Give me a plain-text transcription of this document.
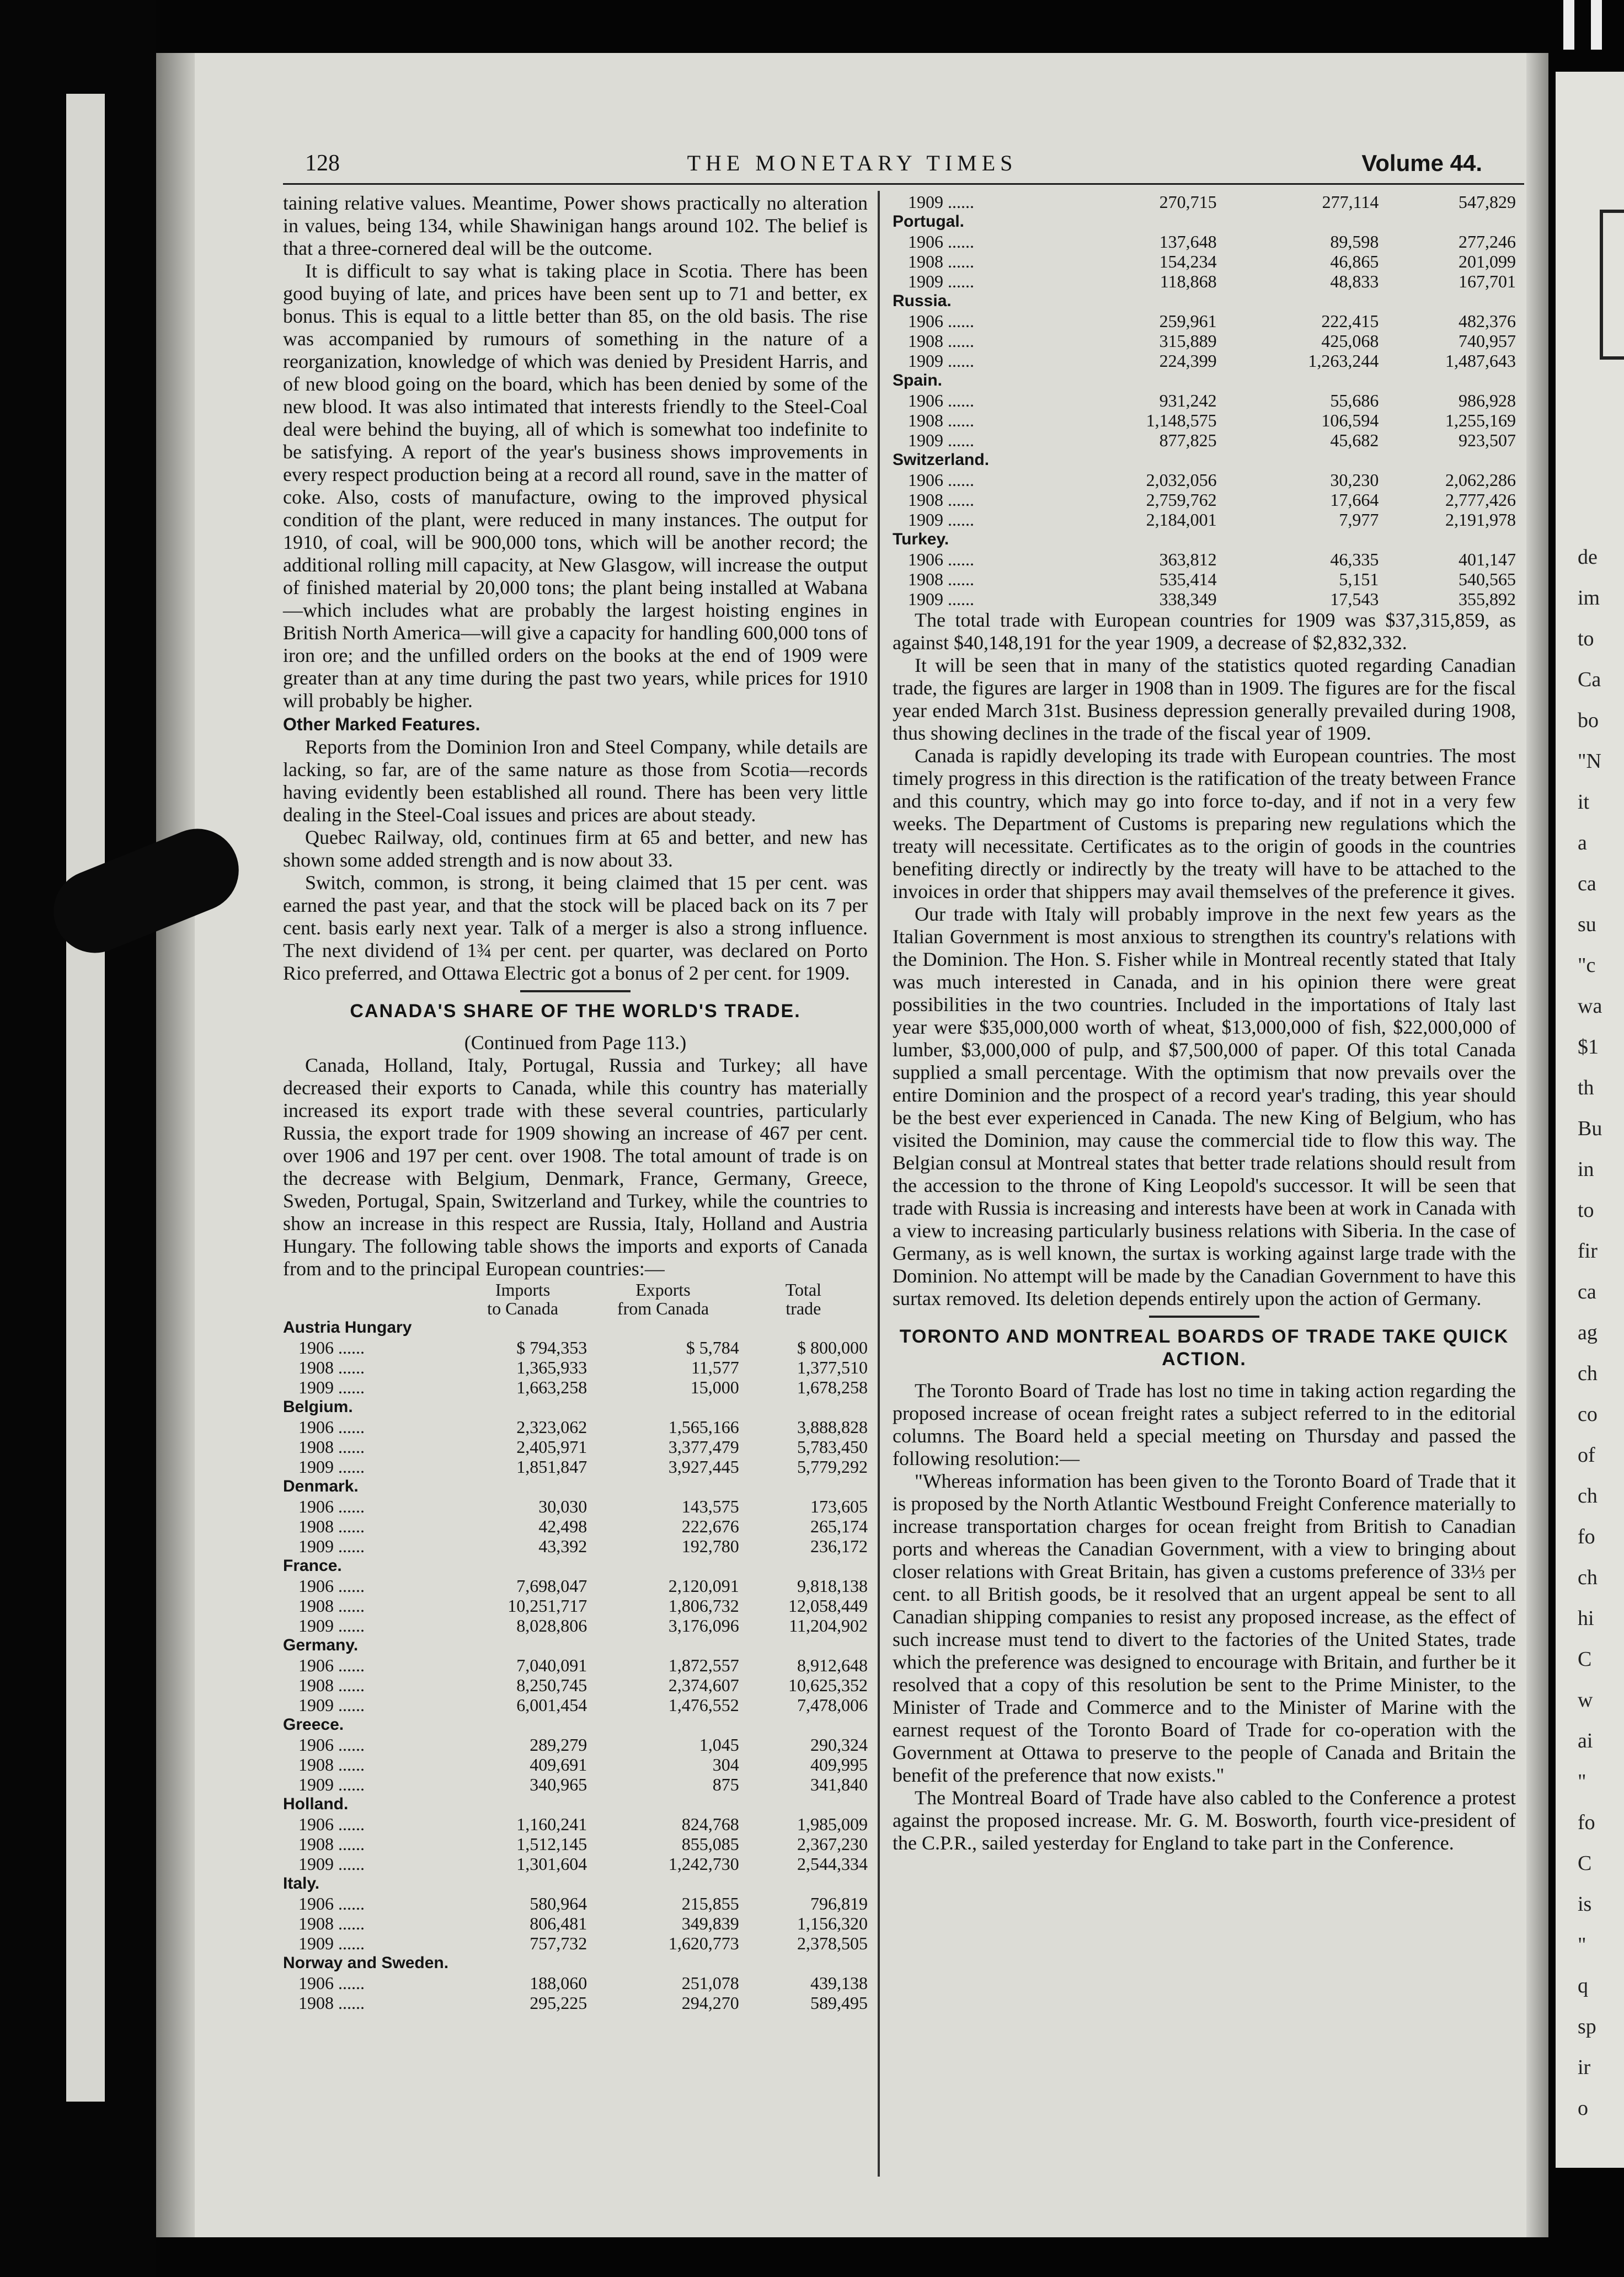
128	THE MONETARY TIMES	Volume 44.

taining relative values. Meantime, Power shows practically no alteration in values, being 134, while Shawinigan hangs around 102. The belief is that a three-cornered deal will be the outcome.

It is difficult to say what is taking place in Scotia. There has been good buying of late, and prices have been sent up to 71 and better, ex bonus. This is equal to a little better than 85, on the old basis. The rise was accompanied by rumours of something in the nature of a reorganization, knowledge of which was denied by President Harris, and of new blood going on the board, which has been denied by some of the new blood. It was also intimated that interests friendly to the Steel-Coal deal were behind the buying, all of which is somewhat too indefinite to be satisfying. A report of the year's business shows improvements in every respect production being at a record all round, save in the matter of coke. Also, costs of manufacture, owing to the improved physical condition of the plant, were reduced in many instances. The output for 1910, of coal, will be 900,000 tons, which will be another record; the additional rolling mill capacity, at New Glasgow, will increase the output of finished material by 20,000 tons; the plant being installed at Wabana —which includes what are probably the largest hoisting engines in British North America—will give a capacity for handling 600,000 tons of iron ore; and the unfilled orders on the books at the end of 1909 were greater than at any time during the past two years, while prices for 1910 will probably be higher.

Other Marked Features.

Reports from the Dominion Iron and Steel Company, while details are lacking, so far, are of the same nature as those from Scotia—records having evidently been established all round. There has been very little dealing in the Steel-Coal issues and prices are about steady.

Quebec Railway, old, continues firm at 65 and better, and new has shown some added strength and is now about 33.

Switch, common, is strong, it being claimed that 15 per cent. was earned the past year, and that the stock will be placed back on its 7 per cent. basis early next year. Talk of a merger is also a strong influence. The next dividend of 1¾ per cent. per quarter, was declared on Porto Rico preferred, and Ottawa Electric got a bonus of 2 per cent. for 1909.

CANADA'S SHARE OF THE WORLD'S TRADE.

(Continued from Page 113.)

Canada, Holland, Italy, Portugal, Russia and Turkey; all have decreased their exports to Canada, while this country has materially increased its export trade with these several countries, particularly Russia, the export trade for 1909 showing an increase of 467 per cent. over 1906 and 197 per cent. over 1908. The total amount of trade is on the decrease with Belgium, Denmark, France, Germany, Greece, Sweden, Portugal, Spain, Switzerland and Turkey, while the countries to show an increase in this respect are Russia, Italy, Holland and Austria Hungary. The following table shows the imports and exports of Canada from and to the principal European countries:—

	Imports
to Canada	Exports
from Canada	Total
trade
Austria Hungary			
1906 ......	$ 794,353	$ 5,784	$ 800,000
1908 ......	1,365,933	11,577	1,377,510
1909 ......	1,663,258	15,000	1,678,258
Belgium.			
1906 ......	2,323,062	1,565,166	3,888,828
1908 ......	2,405,971	3,377,479	5,783,450
1909 ......	1,851,847	3,927,445	5,779,292
Denmark.			
1906 ......	30,030	143,575	173,605
1908 ......	42,498	222,676	265,174
1909 ......	43,392	192,780	236,172
France.			
1906 ......	7,698,047	2,120,091	9,818,138
1908 ......	10,251,717	1,806,732	12,058,449
1909 ......	8,028,806	3,176,096	11,204,902
Germany.			
1906 ......	7,040,091	1,872,557	8,912,648
1908 ......	8,250,745	2,374,607	10,625,352
1909 ......	6,001,454	1,476,552	7,478,006
Greece.			
1906 ......	289,279	1,045	290,324
1908 ......	409,691	304	409,995
1909 ......	340,965	875	341,840
Holland.			
1906 ......	1,160,241	824,768	1,985,009
1908 ......	1,512,145	855,085	2,367,230
1909 ......	1,301,604	1,242,730	2,544,334
Italy.			
1906 ......	580,964	215,855	796,819
1908 ......	806,481	349,839	1,156,320
1909 ......	757,732	1,620,773	2,378,505
Norway and Sweden.			
1906 ......	188,060	251,078	439,138
1908 ......	295,225	294,270	589,495
1909 ......	270,715	277,114	547,829
Portugal.			
1906 ......	137,648	89,598	277,246
1908 ......	154,234	46,865	201,099
1909 ......	118,868	48,833	167,701
Russia.			
1906 ......	259,961	222,415	482,376
1908 ......	315,889	425,068	740,957
1909 ......	224,399	1,263,244	1,487,643
Spain.			
1906 ......	931,242	55,686	986,928
1908 ......	1,148,575	106,594	1,255,169
1909 ......	877,825	45,682	923,507
Switzerland.			
1906 ......	2,032,056	30,230	2,062,286
1908 ......	2,759,762	17,664	2,777,426
1909 ......	2,184,001	7,977	2,191,978
Turkey.			
1906 ......	363,812	46,335	401,147
1908 ......	535,414	5,151	540,565
1909 ......	338,349	17,543	355,892

The total trade with European countries for 1909 was $37,315,859, as against $40,148,191 for the year 1909, a decrease of $2,832,332.

It will be seen that in many of the statistics quoted regarding Canadian trade, the figures are larger in 1908 than in 1909. The figures are for the fiscal year ended March 31st. Business depression generally prevailed during 1908, thus showing declines in the trade of the fiscal year of 1909.

Canada is rapidly developing its trade with European countries. The most timely progress in this direction is the ratification of the treaty between France and this country, which may go into force to-day, and if not in a very few weeks. The Department of Customs is preparing new regulations which the treaty will necessitate. Certificates as to the origin of goods in the countries benefiting directly or indirectly by the treaty will have to be attached to the invoices in order that shippers may avail themselves of the preference it gives.

Our trade with Italy will probably improve in the next few years as the Italian Government is most anxious to strengthen its country's relations with the Dominion. The Hon. S. Fisher while in Montreal recently stated that Italy was much interested in Canada, and in his opinion there were great possibilities in the two countries. Included in the importations of Italy last year were $35,000,000 worth of wheat, $13,000,000 of fish, $22,000,000 of lumber, $3,000,000 of pulp, and $7,500,000 of paper. Of this total Canada supplied a small percentage. With the optimism that now prevails over the entire Dominion and the prospect of a record year's trading, this year should be the best ever experienced in Canada. The new King of Belgium, who has visited the Dominion, may cause the commercial tide to flow this way. The Belgian consul at Montreal states that better trade relations should result from the accession to the throne of King Leopold's successor. It will be seen that trade with Russia is increasing and interests have been at work in Canada with a view to increasing particularly business relations with Siberia. In the case of Germany, as is well known, the surtax is working against large trade with the Dominion. No attempt will be made by the Canadian Government to have this surtax removed. Its deletion depends entirely upon the action of Germany.

TORONTO AND MONTREAL BOARDS OF TRADE TAKE QUICK ACTION.

The Toronto Board of Trade has lost no time in taking action regarding the proposed increase of ocean freight rates a subject referred to in the editorial columns. The Board held a special meeting on Thursday and passed the following resolution:—

"Whereas information has been given to the Toronto Board of Trade that it is proposed by the North Atlantic Westbound Freight Conference materially to increase transportation charges for ocean freight from British to Canadian ports and whereas the Canadian Government, with a view to bringing about closer relations with Great Britain, has given a customs preference of 33⅓ per cent. to all British goods, be it resolved that an urgent appeal be sent to all Canadian shipping companies to resist any proposed increase, as the effect of such increase must tend to divert to the factories of the United States, trade which the preference was designed to encourage with Britain, and further be it resolved that a copy of this resolution be sent to the Prime Minister, to the Minister of Trade and Commerce and to the Minister of Marine with the earnest request of the Toronto Board of Trade for co-operation with the Government at Ottawa to preserve to the people of Canada and Britain the benefit of the preference that now exists."

The Montreal Board of Trade have also cabled to the Conference a protest against the proposed increase. Mr. G. M. Bosworth, fourth vice-president of the C.P.R., sailed yesterday for England to take part in the Conference.

de
im
to
Ca
bo
"N
it
a
ca
su
"c
wa
$1
th
Bu
in
to
fir
ca
ag
ch
co
of
ch
fo
ch
hi
C
w
ai
"
fo
C
is
"
q
sp
ir
o
